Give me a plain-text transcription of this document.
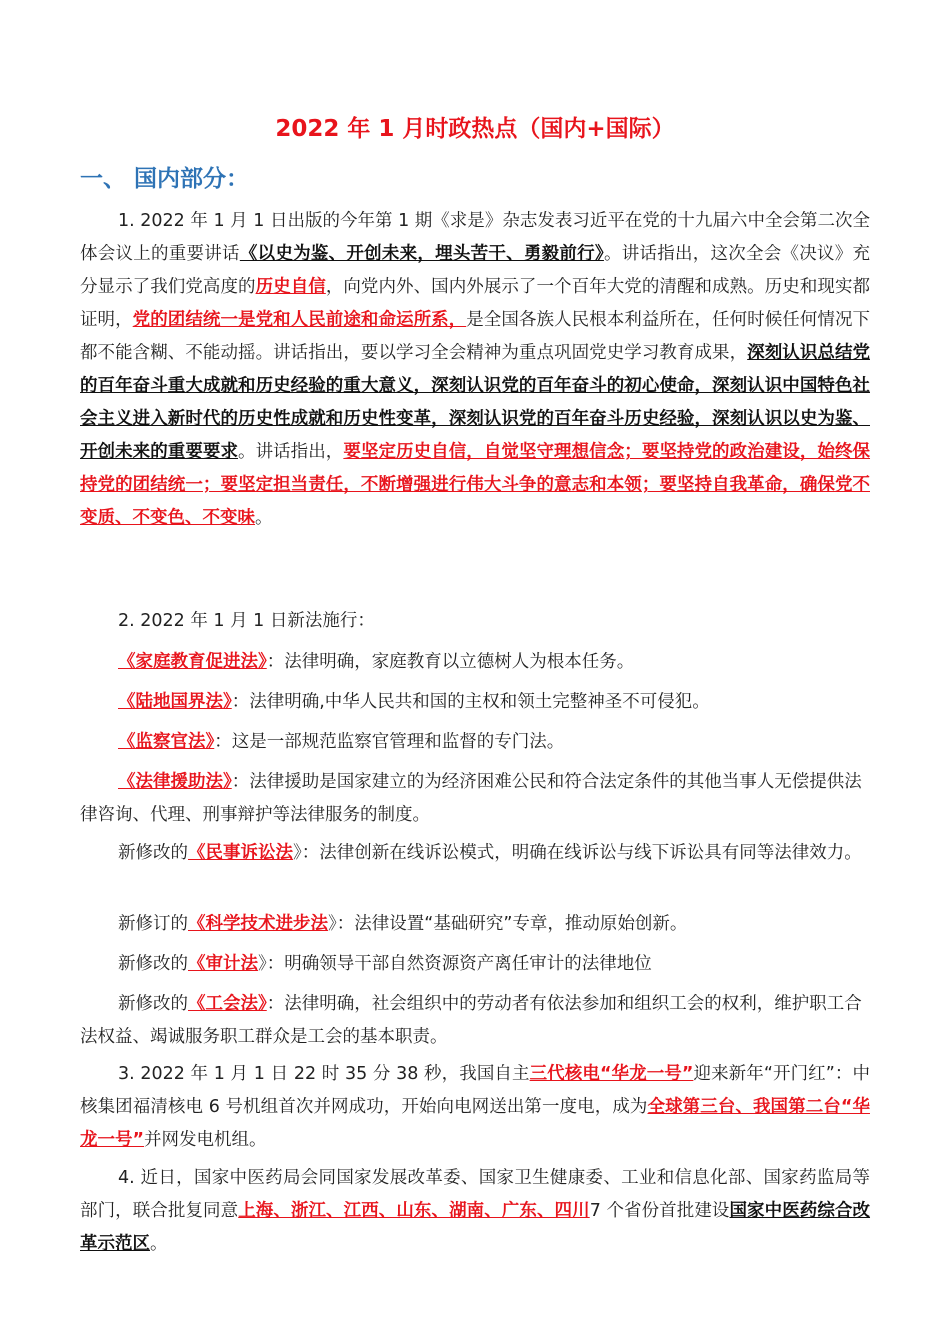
2022 年 1 月时政热点（国内+国际）
一、 国内部分：
1. 2022 年 1 月 1 日出版的今年第 1 期《求是》杂志发表习近平在党的十九届六中全会第二次全体会议上的重要讲话《以史为鉴、开创未来，埋头苦干、勇毅前行》。讲话指出，这次全会《决议》充分显示了我们党高度的历史自信，向党内外、国内外展示了一个百年大党的清醒和成熟。历史和现实都证明，党的团结统一是党和人民前途和命运所系，是全国各族人民根本利益所在，任何时候任何情况下都不能含糊、不能动摇。讲话指出，要以学习全会精神为重点巩固党史学习教育成果，深刻认识总结党的百年奋斗重大成就和历史经验的重大意义，深刻认识党的百年奋斗的初心使命，深刻认识中国特色社会主义进入新时代的历史性成就和历史性变革，深刻认识党的百年奋斗历史经验，深刻认识以史为鉴、开创未来的重要要求。讲话指出，要坚定历史自信，自觉坚守理想信念；要坚持党的政治建设，始终保持党的团结统一；要坚定担当责任，不断增强进行伟大斗争的意志和本领；要坚持自我革命，确保党不变质、不变色、不变味。
2. 2022 年 1 月 1 日新法施行：
《家庭教育促进法》：法律明确，家庭教育以立德树人为根本任务。
《陆地国界法》：法律明确,中华人民共和国的主权和领土完整神圣不可侵犯。
《监察官法》：这是一部规范监察官管理和监督的专门法。
《法律援助法》：法律援助是国家建立的为经济困难公民和符合法定条件的其他当事人无偿提供法律咨询、代理、刑事辩护等法律服务的制度。
新修改的《民事诉讼法》：法律创新在线诉讼模式，明确在线诉讼与线下诉讼具有同等法律效力。
新修订的《科学技术进步法》：法律设置“基础研究”专章，推动原始创新。
新修改的《审计法》：明确领导干部自然资源资产离任审计的法律地位
新修改的《工会法》：法律明确，社会组织中的劳动者有依法参加和组织工会的权利，维护职工合法权益、竭诚服务职工群众是工会的基本职责。
3. 2022 年 1 月 1 日 22 时 35 分 38 秒，我国自主三代核电“华龙一号”迎来新年“开门红”：中核集团福清核电 6 号机组首次并网成功，开始向电网送出第一度电，成为全球第三台、我国第二台“华龙一号”并网发电机组。
4. 近日，国家中医药局会同国家发展改革委、国家卫生健康委、工业和信息化部、国家药监局等部门，联合批复同意上海、浙江、江西、山东、湖南、广东、四川7 个省份首批建设国家中医药综合改革示范区。
